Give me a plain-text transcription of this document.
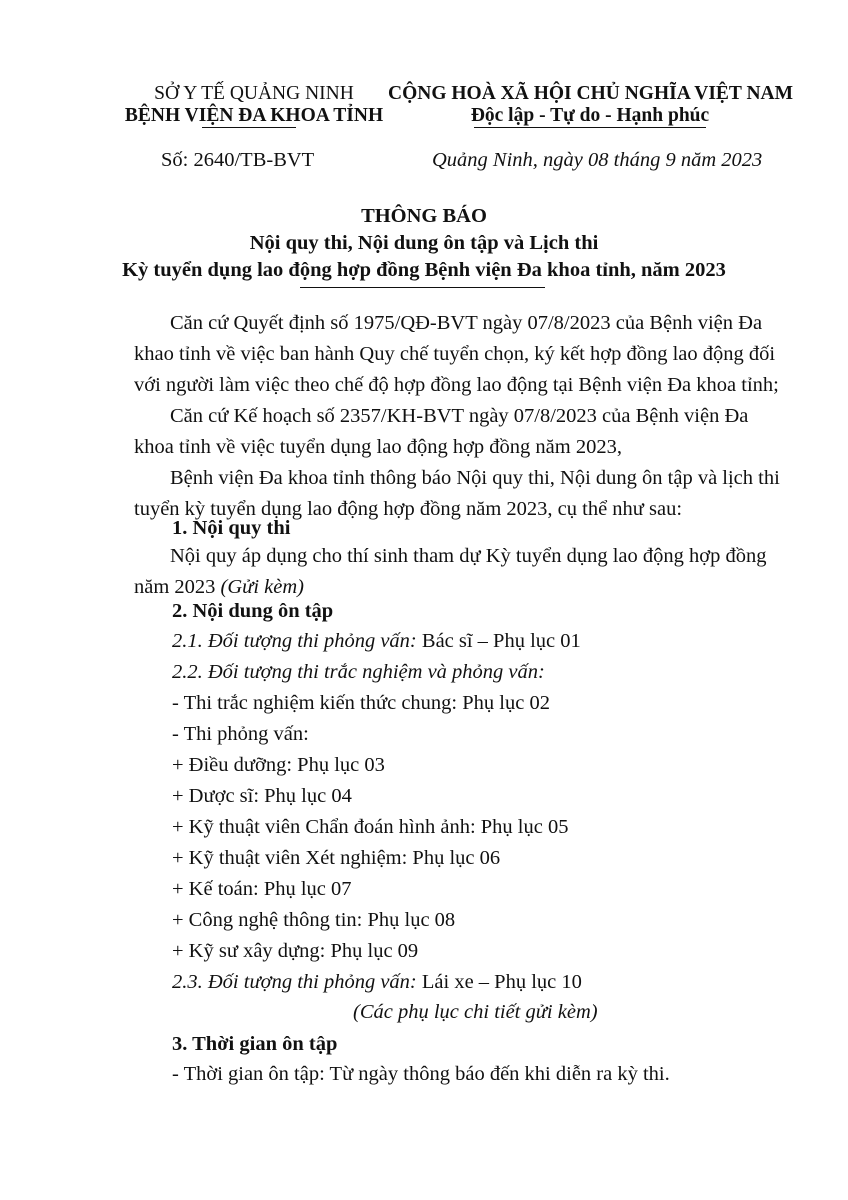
SỞ Y TẾ QUẢNG NINH
BỆNH VIỆN ĐA KHOA TỈNH
CỘNG HOÀ XÃ HỘI CHỦ NGHĨA VIỆT NAM
Độc lập - Tự do - Hạnh phúc
Số: 2640/TB-BVT	Quảng Ninh, ngày 08 tháng 9 năm 2023
THÔNG BÁO
Nội quy thi, Nội dung ôn tập và Lịch thi
Kỳ tuyển dụng lao động hợp đồng Bệnh viện Đa khoa tỉnh, năm 2023
Căn cứ Quyết định số 1975/QĐ-BVT ngày 07/8/2023 của Bệnh viện Đa
khao tỉnh về việc ban hành Quy chế tuyển chọn, ký kết hợp đồng lao động đối
với người làm việc theo chế độ hợp đồng lao động tại Bệnh viện Đa khoa tỉnh;
Căn cứ Kế hoạch số 2357/KH-BVT ngày 07/8/2023 của Bệnh viện Đa
khoa tỉnh về việc tuyển dụng lao động hợp đồng năm 2023,
Bệnh viện Đa khoa tỉnh thông báo Nội quy thi, Nội dung ôn tập và lịch thi
tuyển kỳ tuyển dụng lao động hợp đồng năm 2023, cụ thể như sau:
1. Nội quy thi
Nội quy áp dụng cho thí sinh tham dự Kỳ tuyển dụng lao động hợp đồng
năm 2023 (Gửi kèm)
2. Nội dung ôn tập
2.1. Đối tượng thi phỏng vấn: Bác sĩ – Phụ lục 01
2.2. Đối tượng thi trắc nghiệm và phỏng vấn:
- Thi trắc nghiệm kiến thức chung: Phụ lục 02
- Thi phỏng vấn:
+ Điều dưỡng: Phụ lục 03
+ Dược sĩ: Phụ lục 04
+ Kỹ thuật viên Chẩn đoán hình ảnh: Phụ lục 05
+ Kỹ thuật viên Xét nghiệm: Phụ lục 06
+ Kế toán: Phụ lục 07
+ Công nghệ thông tin: Phụ lục 08
+ Kỹ sư xây dựng: Phụ lục 09
2.3. Đối tượng thi phỏng vấn: Lái xe – Phụ lục 10
(Các phụ lục chi tiết gửi kèm)
3. Thời gian ôn tập
- Thời gian ôn tập: Từ ngày thông báo đến khi diễn ra kỳ thi.
